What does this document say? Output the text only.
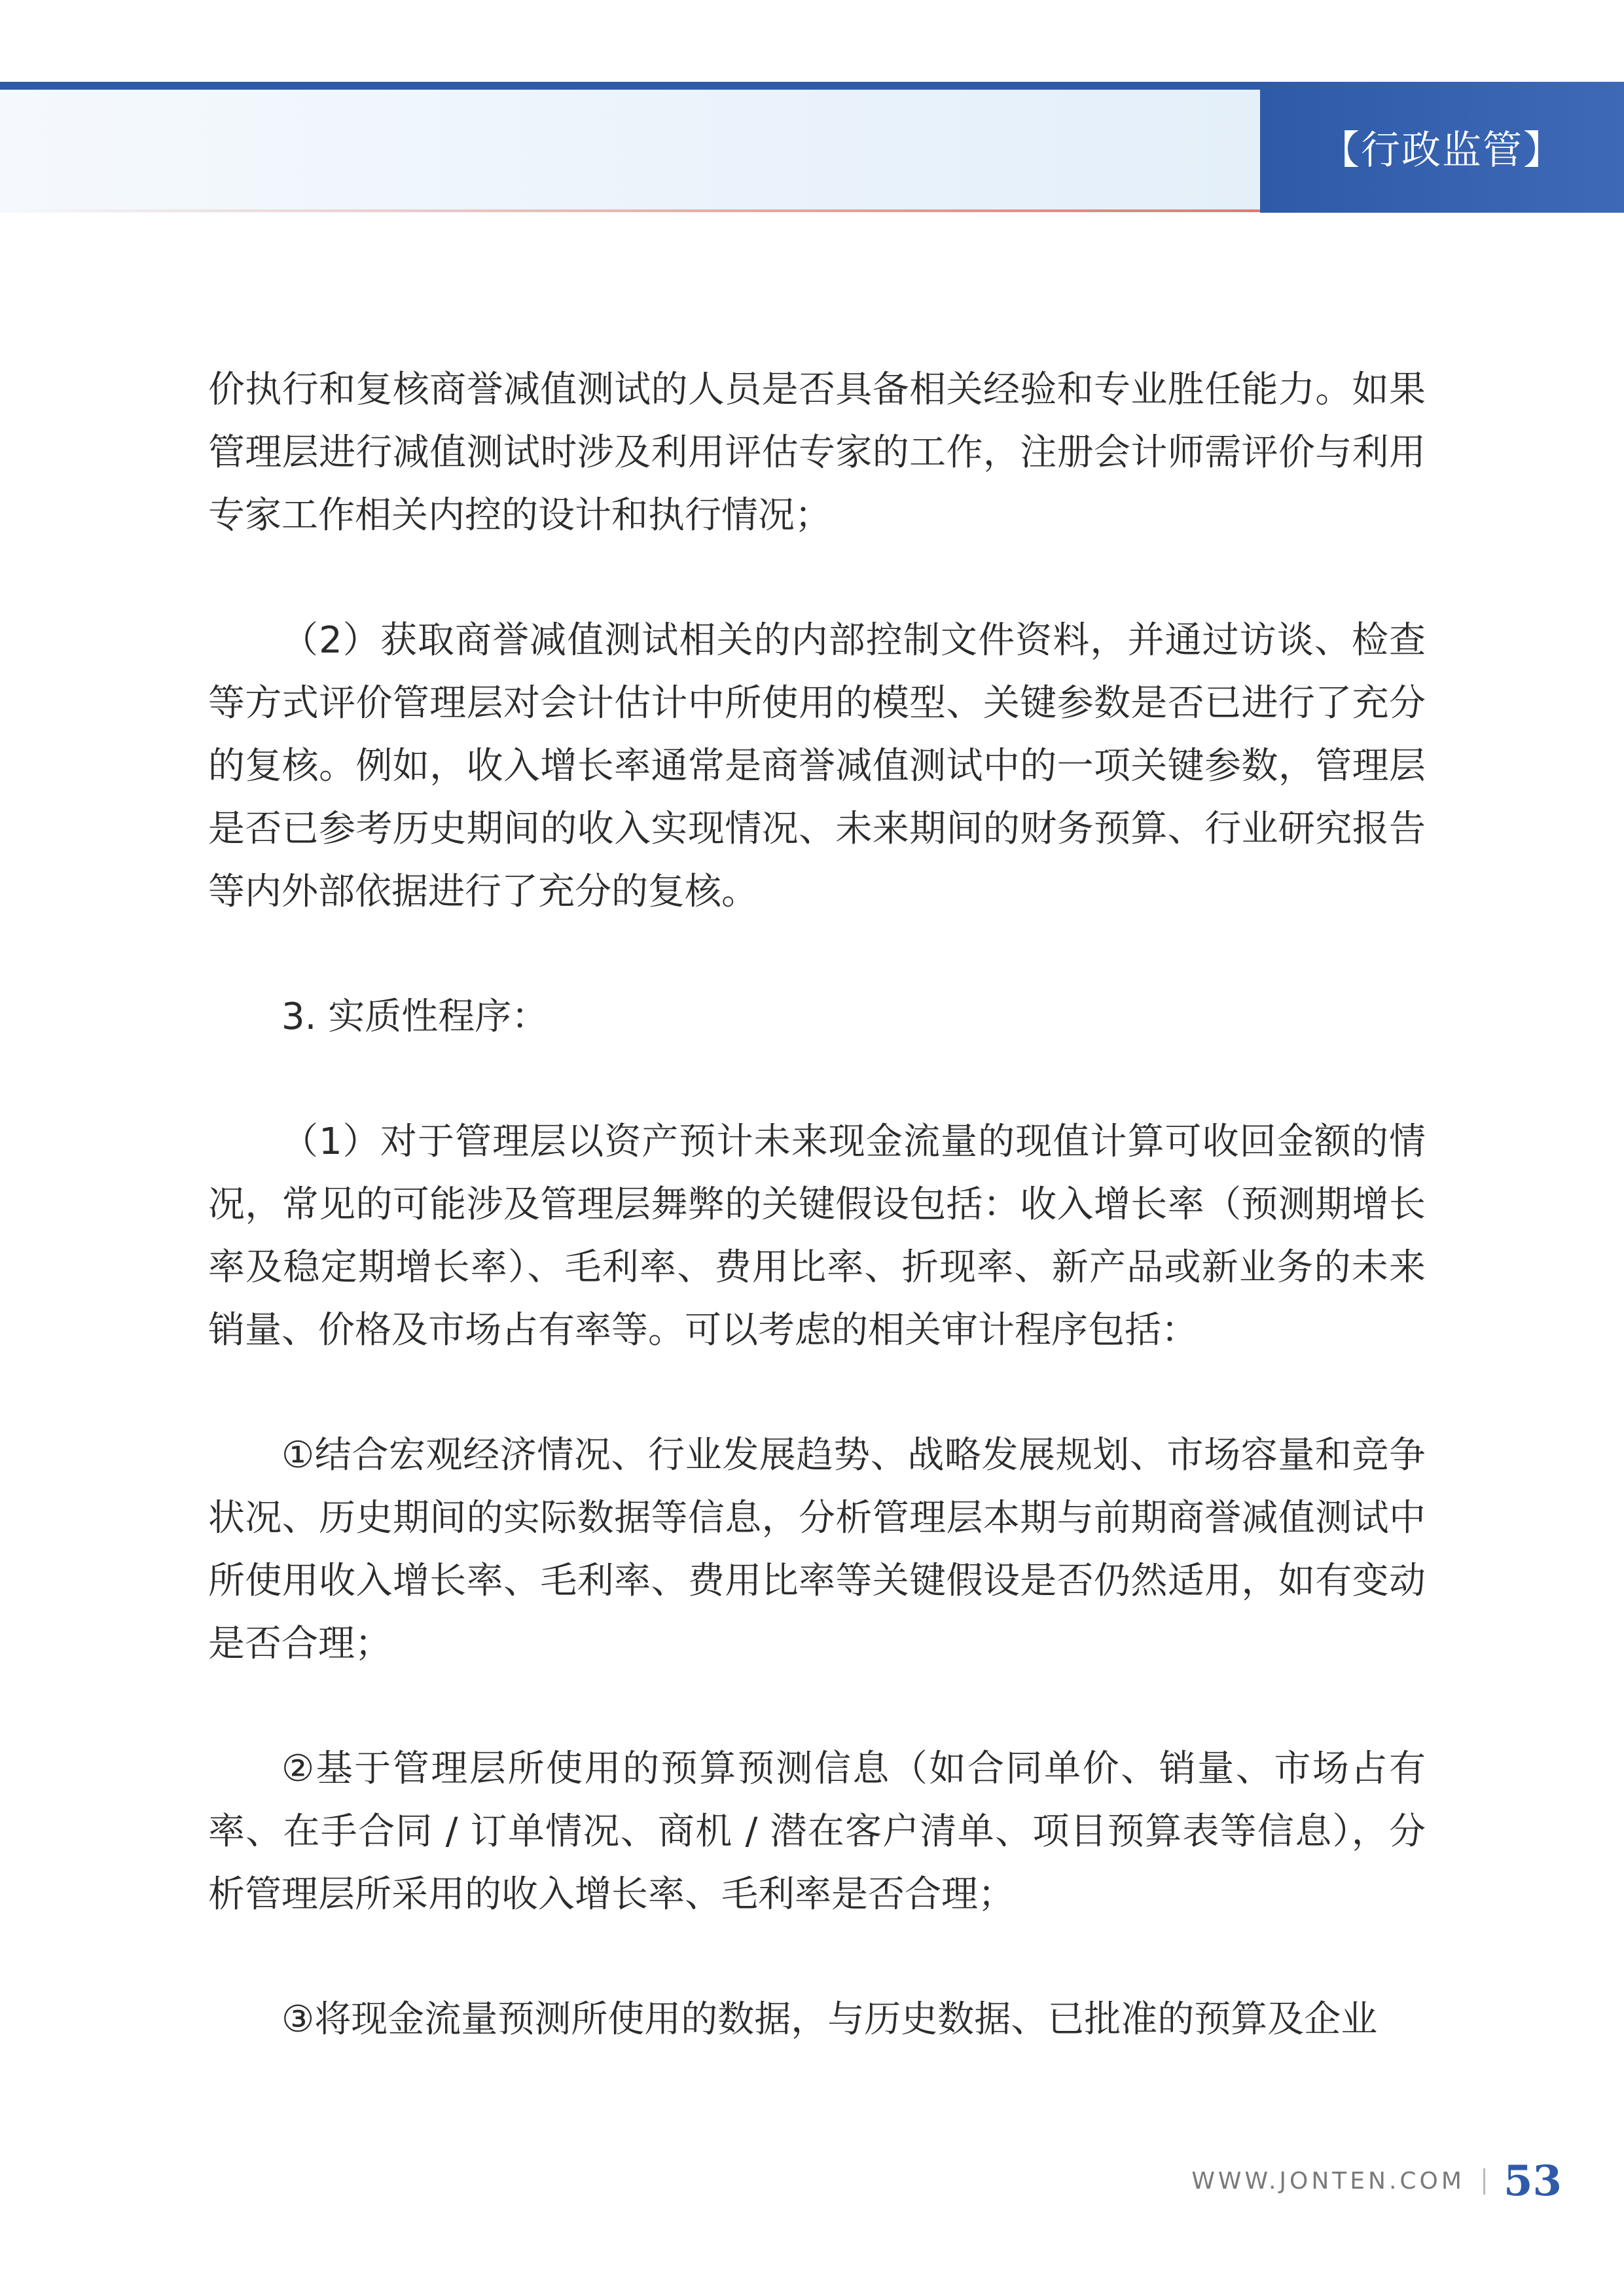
【行政监管】

价执行和复核商誉减值测试的人员是否具备相关经验和专业胜任能力。如果管理层进行减值测试时涉及利用评估专家的工作，注册会计师需评价与利用专家工作相关内控的设计和执行情况；

（2）获取商誉减值测试相关的内部控制文件资料，并通过访谈、检查等方式评价管理层对会计估计中所使用的模型、关键参数是否已进行了充分的复核。例如，收入增长率通常是商誉减值测试中的一项关键参数，管理层是否已参考历史期间的收入实现情况、未来期间的财务预算、行业研究报告等内外部依据进行了充分的复核。

3. 实质性程序：

（1）对于管理层以资产预计未来现金流量的现值计算可收回金额的情况，常见的可能涉及管理层舞弊的关键假设包括：收入增长率（预测期增长率及稳定期增长率）、毛利率、费用比率、折现率、新产品或新业务的未来销量、价格及市场占有率等。可以考虑的相关审计程序包括：

①结合宏观经济情况、行业发展趋势、战略发展规划、市场容量和竞争状况、历史期间的实际数据等信息，分析管理层本期与前期商誉减值测试中所使用收入增长率、毛利率、费用比率等关键假设是否仍然适用，如有变动是否合理；

②基于管理层所使用的预算预测信息（如合同单价、销量、市场占有率、在手合同 / 订单情况、商机 / 潜在客户清单、项目预算表等信息），分析管理层所采用的收入增长率、毛利率是否合理；

③将现金流量预测所使用的数据，与历史数据、已批准的预算及企业

WWW.JONTEN.COM 53
